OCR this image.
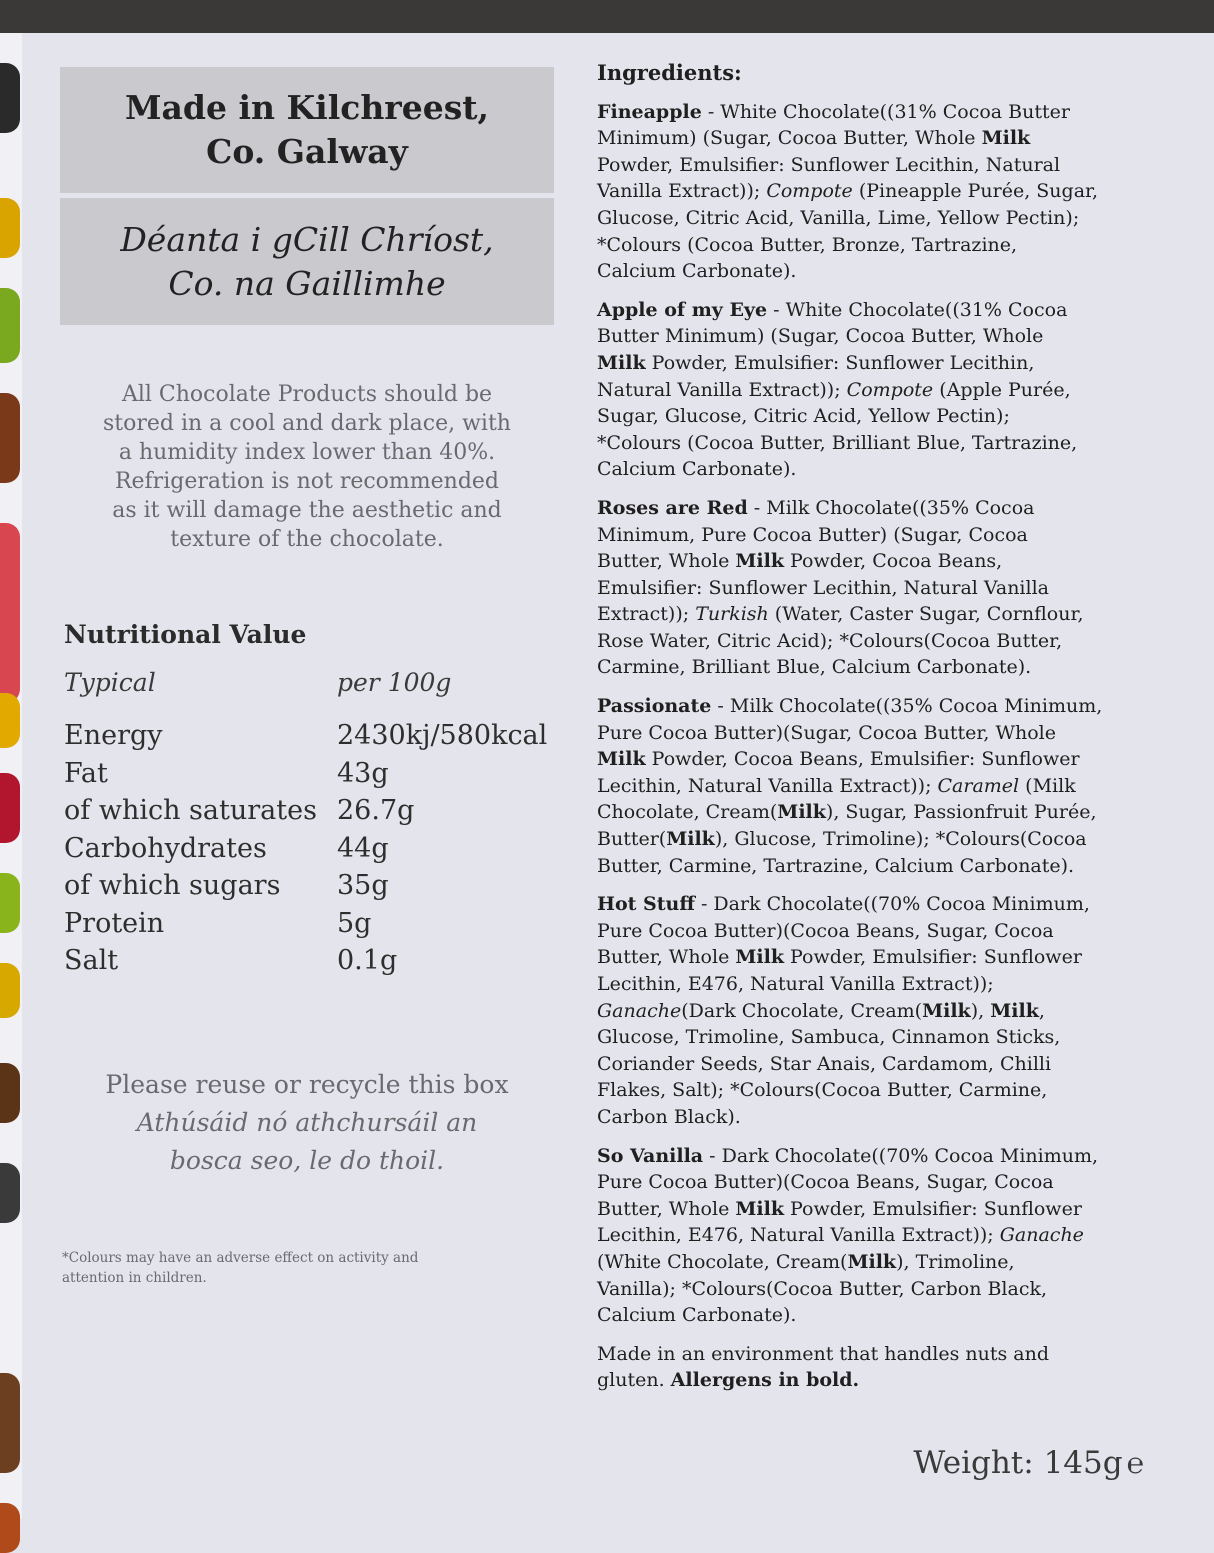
Made in Kilchreest,
Co. Galway
Déanta i gCill Chríost,
Co. na Gaillimhe
All Chocolate Products should be
stored in a cool and dark place, with
a humidity index lower than 40%.
Refrigeration is not recommended
as it will damage the aesthetic and
texture of the chocolate.
Nutritional Value
Typical	per 100g
Energy	2430kj/580kcal
Fat	43g
of which saturates 26.7g
Carbohydrates	44g
of which sugars 35g
Protein	5g
Salt	0.1g
Please reuse or recycle this box
Athúsáid nó athchursáil an
bosca seo, le do thoil.
*Colours may have an adverse effect on activity and
attention in children.
Ingredients:
Fineapple - White Chocolate((31% Cocoa Butter
Minimum) (Sugar, Cocoa Butter, Whole Milk
Powder, Emulsifier: Sunflower Lecithin, Natural
Vanilla Extract)); Compote (Pineapple Purée, Sugar,
Glucose, Citric Acid, Vanilla, Lime, Yellow Pectin);
*Colours (Cocoa Butter, Bronze, Tartrazine,
Calcium Carbonate).
Apple of my Eye - White Chocolate((31% Cocoa
Butter Minimum) (Sugar, Cocoa Butter, Whole
Milk Powder, Emulsifier: Sunflower Lecithin,
Natural Vanilla Extract)); Compote (Apple Purée,
Sugar, Glucose, Citric Acid, Yellow Pectin);
*Colours (Cocoa Butter, Brilliant Blue, Tartrazine,
Calcium Carbonate).
Roses are Red - Milk Chocolate((35% Cocoa
Minimum, Pure Cocoa Butter) (Sugar, Cocoa
Butter, Whole Milk Powder, Cocoa Beans,
Emulsifier: Sunflower Lecithin, Natural Vanilla
Extract)); Turkish (Water, Caster Sugar, Cornflour,
Rose Water, Citric Acid); *Colours(Cocoa Butter,
Carmine, Brilliant Blue, Calcium Carbonate).
Passionate - Milk Chocolate((35% Cocoa Minimum,
Pure Cocoa Butter)(Sugar, Cocoa Butter, Whole
Milk Powder, Cocoa Beans, Emulsifier: Sunflower
Lecithin, Natural Vanilla Extract)); Caramel (Milk
Chocolate, Cream(Milk), Sugar, Passionfruit Purée,
Butter(Milk), Glucose, Trimoline); *Colours(Cocoa
Butter, Carmine, Tartrazine, Calcium Carbonate).
Hot Stuff - Dark Chocolate((70% Cocoa Minimum,
Pure Cocoa Butter)(Cocoa Beans, Sugar, Cocoa
Butter, Whole Milk Powder, Emulsifier: Sunflower
Lecithin, E476, Natural Vanilla Extract));
Ganache(Dark Chocolate, Cream(Milk), Milk,
Glucose, Trimoline, Sambuca, Cinnamon Sticks,
Coriander Seeds, Star Anais, Cardamom, Chilli
Flakes, Salt); *Colours(Cocoa Butter, Carmine,
Carbon Black).
So Vanilla - Dark Chocolate((70% Cocoa Minimum,
Pure Cocoa Butter)(Cocoa Beans, Sugar, Cocoa
Butter, Whole Milk Powder, Emulsifier: Sunflower
Lecithin, E476, Natural Vanilla Extract)); Ganache
(White Chocolate, Cream(Milk), Trimoline,
Vanilla); *Colours(Cocoa Butter, Carbon Black,
Calcium Carbonate).
Made in an environment that handles nuts and
gluten. Allergens in bold.
Weight: 145g ℮
